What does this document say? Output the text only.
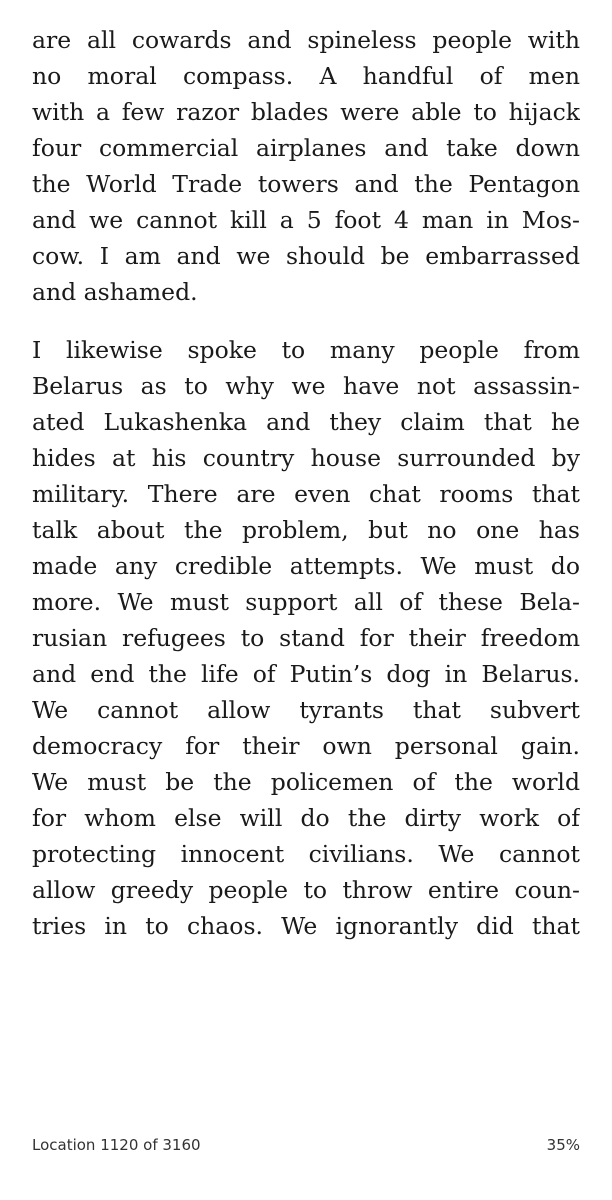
are all cowards and spineless people with
no moral compass. A handful of men
with a few razor blades were able to hijack
four commercial airplanes and take down
the World Trade towers and the Pentagon
and we cannot kill a 5 foot 4 man in Mos-
cow. I am and we should be embarrassed
and ashamed.

I likewise spoke to many people from
Belarus as to why we have not assassin-
ated Lukashenka and they claim that he
hides at his country house surrounded by
military. There are even chat rooms that
talk about the problem, but no one has
made any credible attempts. We must do
more. We must support all of these Bela-
rusian refugees to stand for their freedom
and end the life of Putin’s dog in Belarus.
We cannot allow tyrants that subvert
democracy for their own personal gain.
We must be the policemen of the world
for whom else will do the dirty work of
protecting innocent civilians. We cannot
allow greedy people to throw entire coun-
tries in to chaos. We ignorantly did that

Location 1120 of 3160	35%
